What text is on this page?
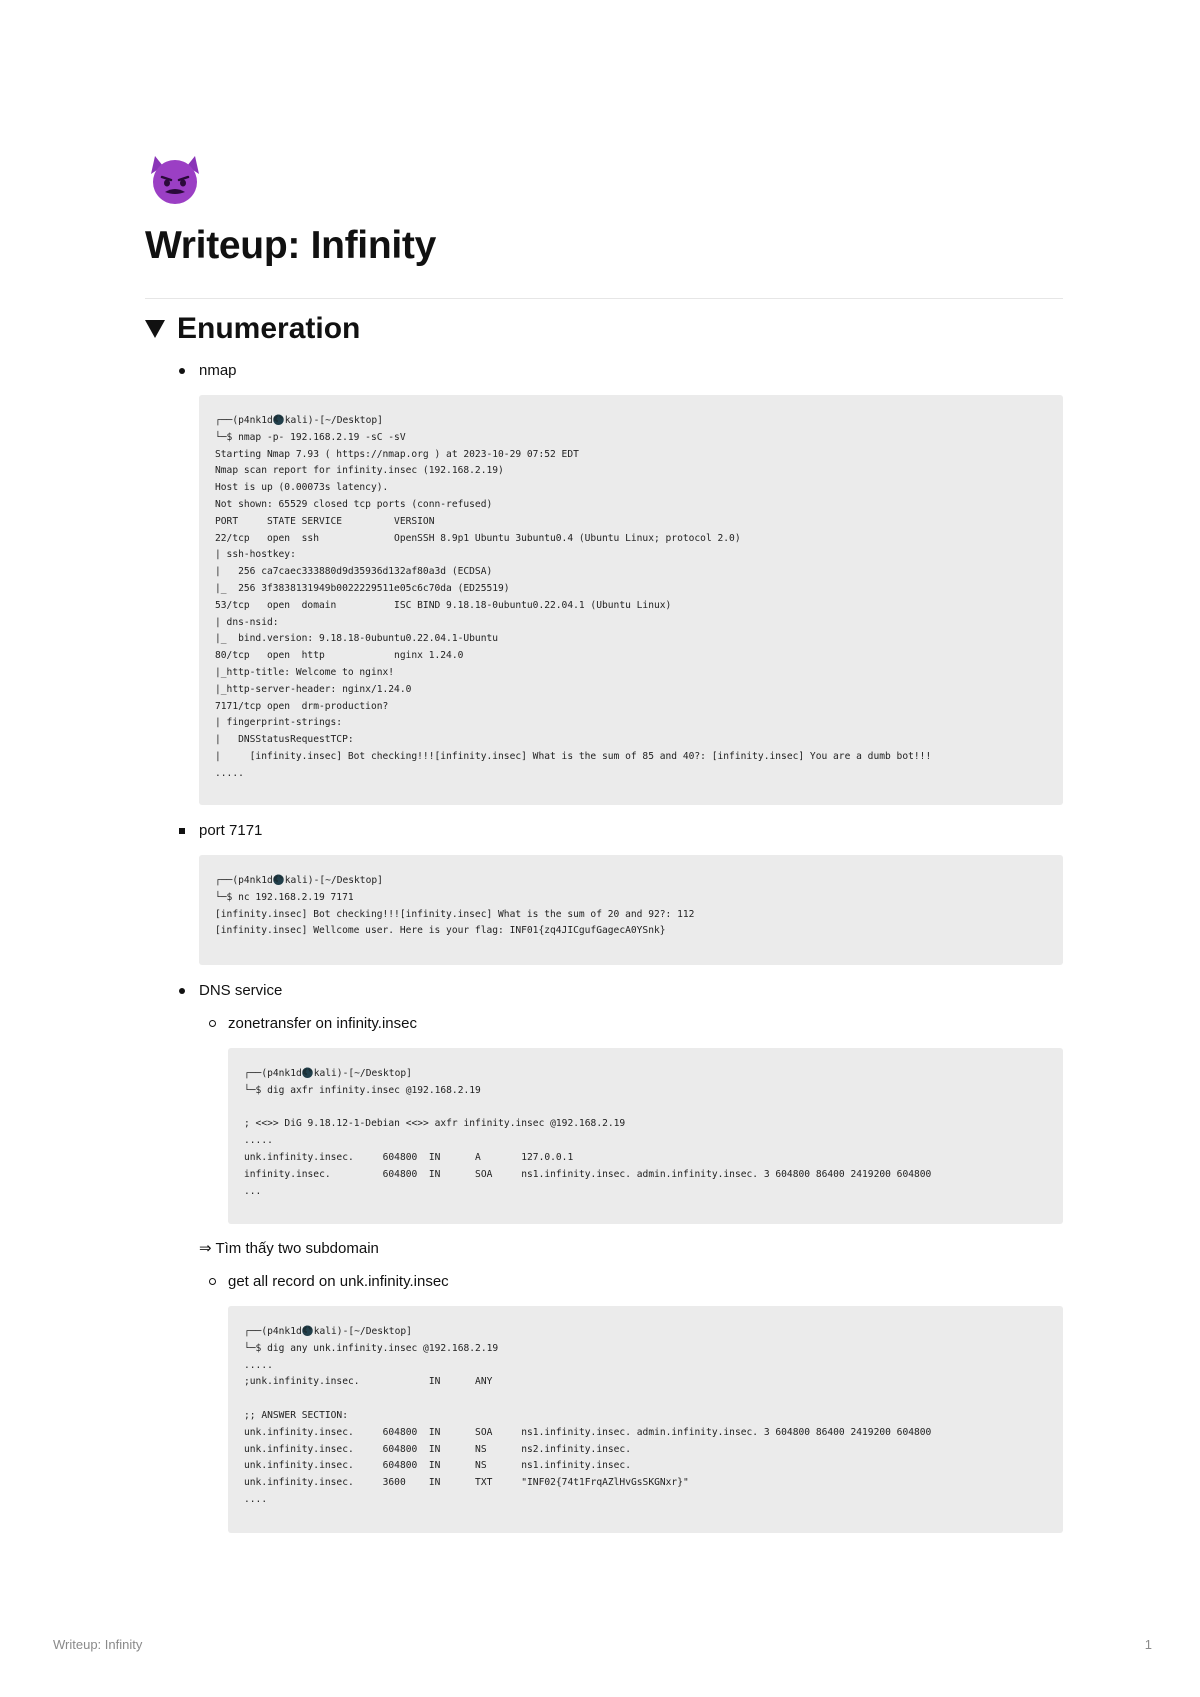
Writeup: Infinity
Enumeration
nmap
┌──(p4nk1d🌑kali)-[~/Desktop]
└─$ nmap -p- 192.168.2.19 -sC -sV
Starting Nmap 7.93 ( https://nmap.org ) at 2023-10-29 07:52 EDT
Nmap scan report for infinity.insec (192.168.2.19)
Host is up (0.00073s latency).
Not shown: 65529 closed tcp ports (conn-refused)
PORT     STATE SERVICE         VERSION
22/tcp   open  ssh             OpenSSH 8.9p1 Ubuntu 3ubuntu0.4 (Ubuntu Linux; protocol 2.0)
| ssh-hostkey:
|   256 ca7caec333880d9d35936d132af80a3d (ECDSA)
|_  256 3f3838131949b0022229511e05c6c70da (ED25519)
53/tcp   open  domain          ISC BIND 9.18.18-0ubuntu0.22.04.1 (Ubuntu Linux)
| dns-nsid:
|_  bind.version: 9.18.18-0ubuntu0.22.04.1-Ubuntu
80/tcp   open  http            nginx 1.24.0
|_http-title: Welcome to nginx!
|_http-server-header: nginx/1.24.0
7171/tcp open  drm-production?
| fingerprint-strings:
|   DNSStatusRequestTCP:
|     [infinity.insec] Bot checking!!![infinity.insec] What is the sum of 85 and 40?: [infinity.insec] You are a dumb bot!!!
.....
port 7171
┌──(p4nk1d🌑kali)-[~/Desktop]
└─$ nc 192.168.2.19 7171
[infinity.insec] Bot checking!!![infinity.insec] What is the sum of 20 and 92?: 112
[infinity.insec] Wellcome user. Here is your flag: INF01{zq4JICgufGagecA0YSnk}
DNS service
zonetransfer on infinity.insec
┌──(p4nk1d🌑kali)-[~/Desktop]
└─$ dig axfr infinity.insec @192.168.2.19

; <<>> DiG 9.18.12-1-Debian <<>> axfr infinity.insec @192.168.2.19
.....
unk.infinity.insec.     604800  IN      A       127.0.0.1
infinity.insec.         604800  IN      SOA     ns1.infinity.insec. admin.infinity.insec. 3 604800 86400 2419200 604800
...
⇒ Tìm thấy two subdomain
get all record on unk.infinity.insec
┌──(p4nk1d🌑kali)-[~/Desktop]
└─$ dig any unk.infinity.insec @192.168.2.19
.....
;unk.infinity.insec.            IN      ANY

;; ANSWER SECTION:
unk.infinity.insec.     604800  IN      SOA     ns1.infinity.insec. admin.infinity.insec. 3 604800 86400 2419200 604800
unk.infinity.insec.     604800  IN      NS      ns2.infinity.insec.
unk.infinity.insec.     604800  IN      NS      ns1.infinity.insec.
unk.infinity.insec.     3600    IN      TXT     "INF02{74t1FrqAZlHvGsSKGNxr}"
....
Writeup: Infinity	1
